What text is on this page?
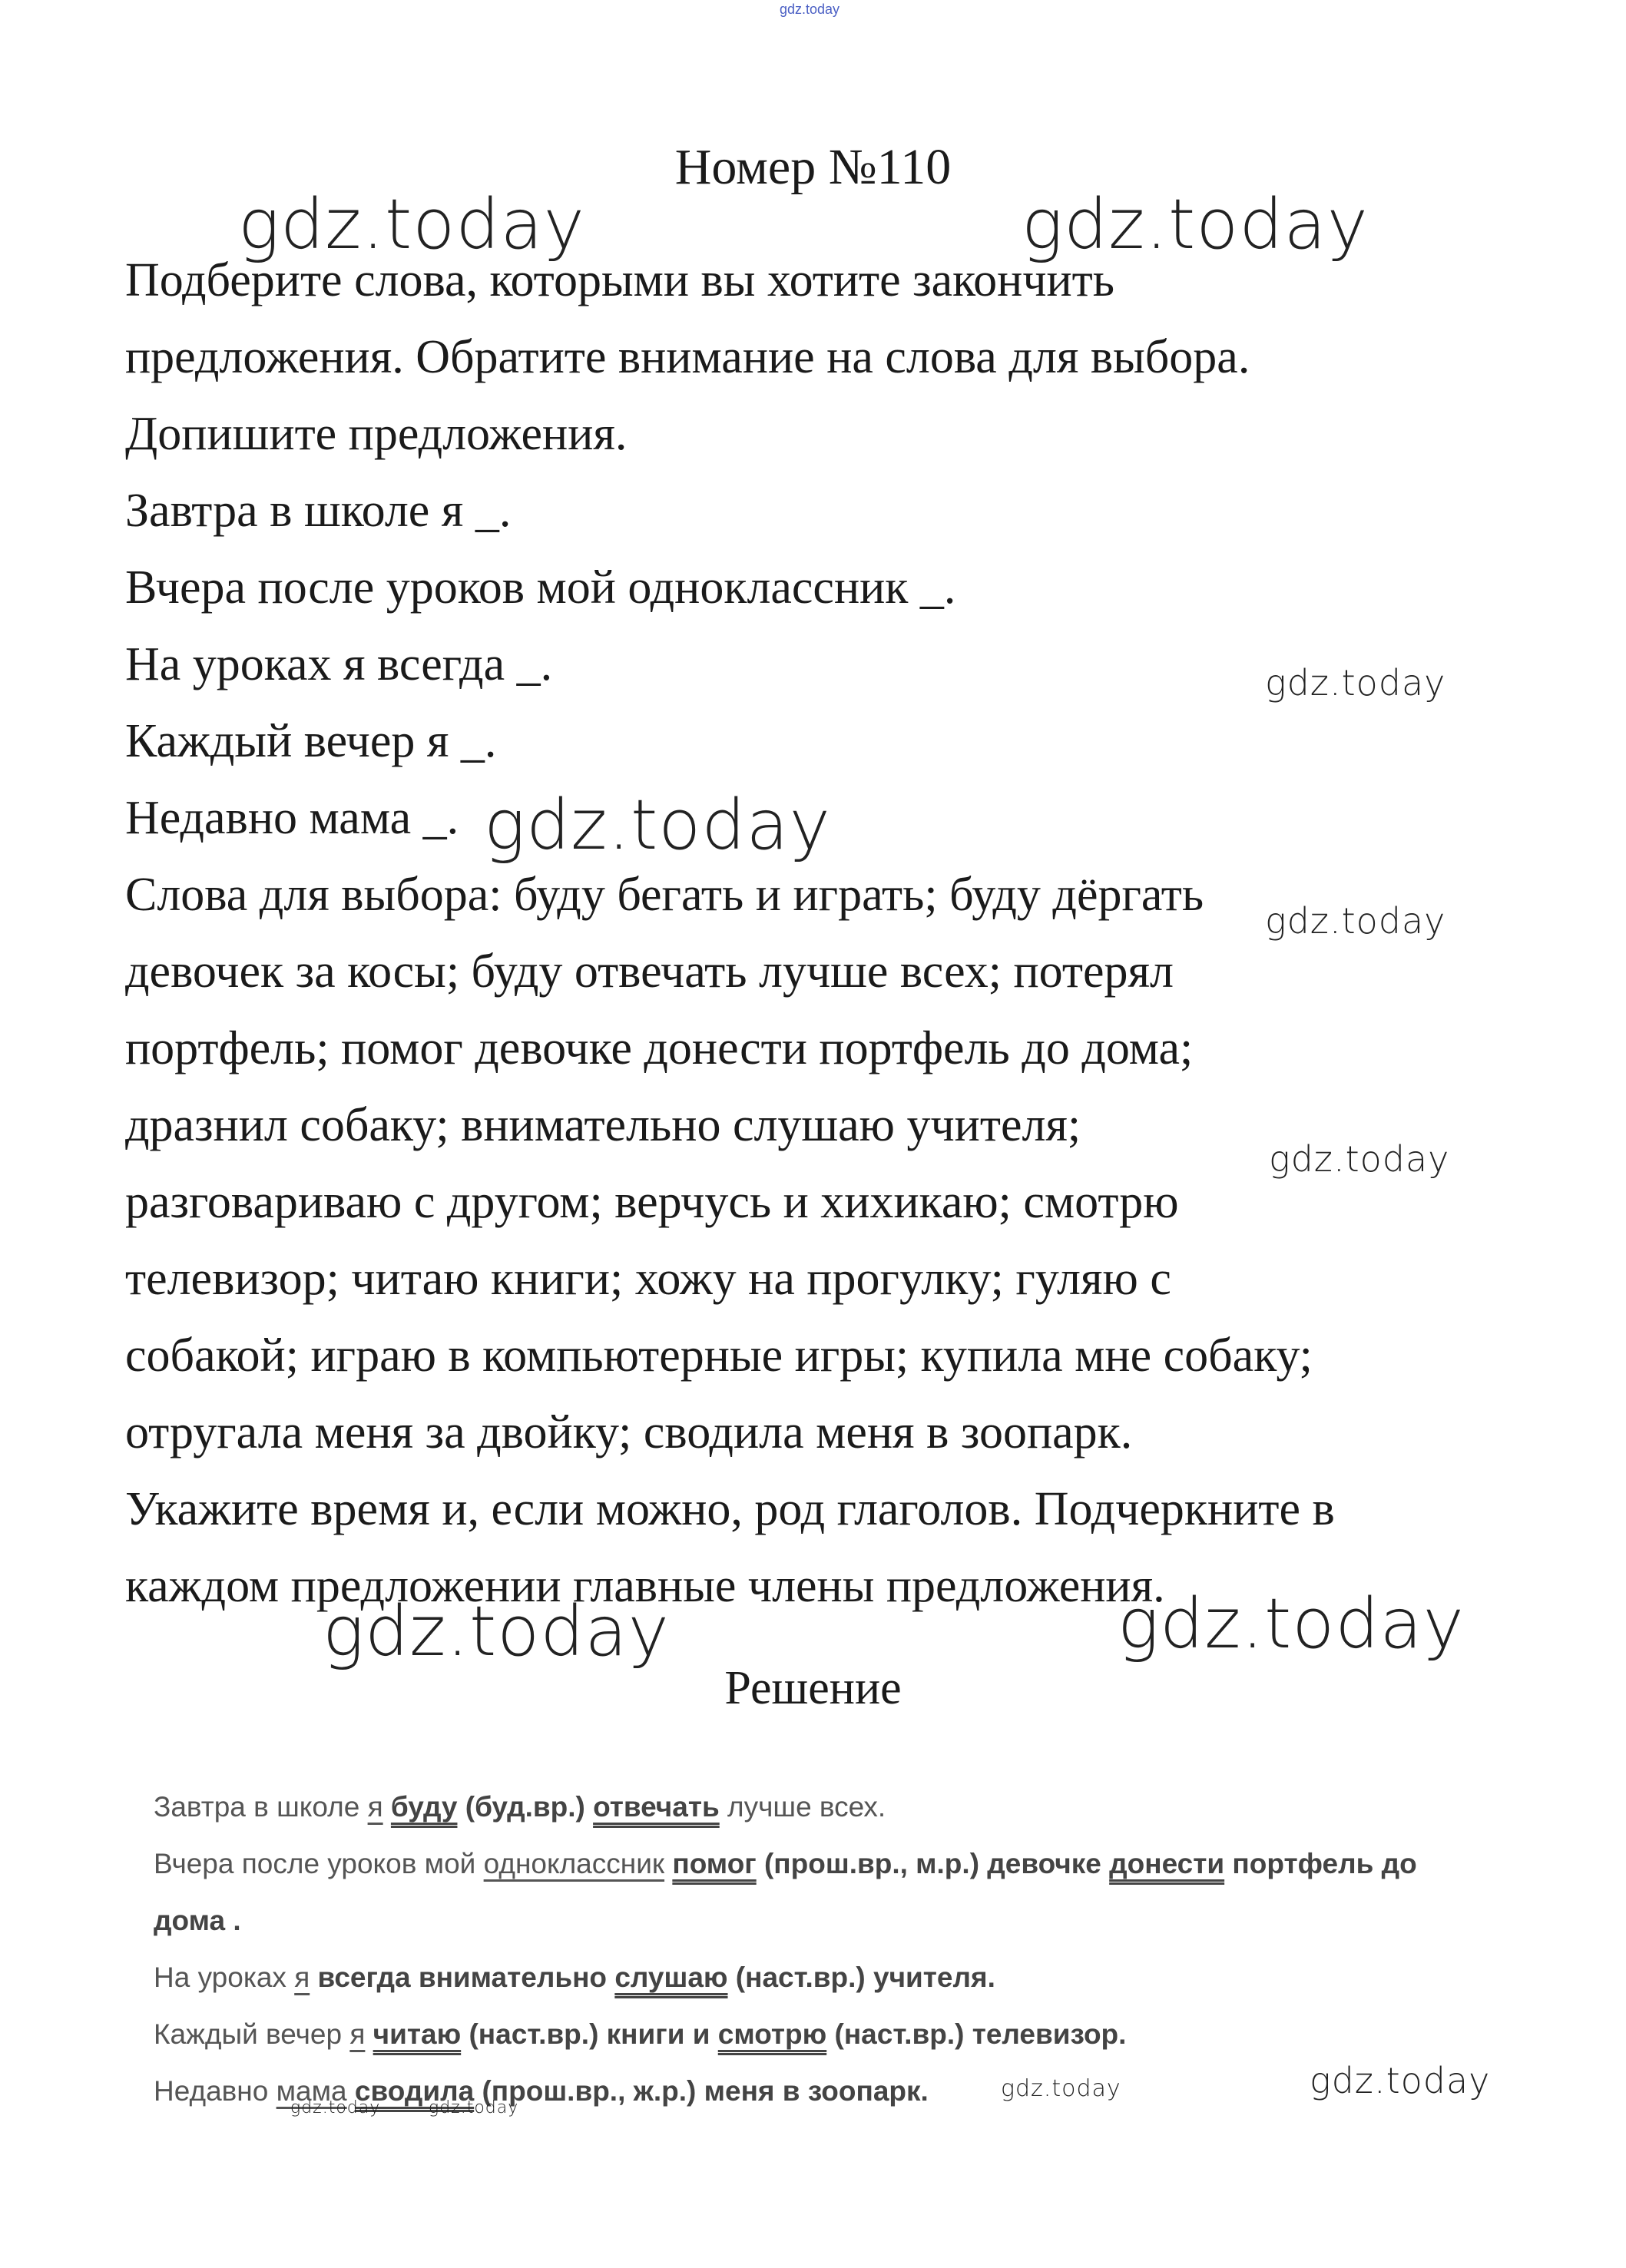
gdz.today
Номер №110
Подберите слова, которыми вы хотите закончить
предложения. Обратите внимание на слова для выбора.
Допишите предложения.
Завтра в школе я _.
Вчера после уроков мой одноклассник _.
На уроках я всегда _.
Каждый вечер я _.
Недавно мама _.
Слова для выбора: буду бегать и играть; буду дёргать
девочек за косы; буду отвечать лучше всех; потерял
портфель; помог девочке донести портфель до дома;
дразнил собаку; внимательно слушаю учителя;
разговариваю с другом; верчусь и хихикаю; смотрю
телевизор; читаю книги; хожу на прогулку; гуляю с
собакой; играю в компьютерные игры; купила мне собаку;
отругала меня за двойку; сводила меня в зоопарк.
Укажите время и, если можно, род глаголов. Подчеркните в
каждом предложении главные члены предложения.
Решение
Завтра в школе я буду (буд.вр.) отвечать лучше всех.
Вчера после уроков мой одноклассник помог (прош.вр., м.р.) девочке донести портфель до
дома .
На уроках я всегда внимательно слушаю (наст.вр.) учителя.
Каждый вечер я читаю (наст.вр.) книги и смотрю (наст.вр.) телевизор.
Недавно мама сводила (прош.вр., ж.р.) меня в зоопарк.
gdz.today	gdz.today
gdz.today
gdz.today
gdz.today
gdz.today
gdz.today	gdz.today
gdz.today	gdz.today
gdz.today	gdz.today
